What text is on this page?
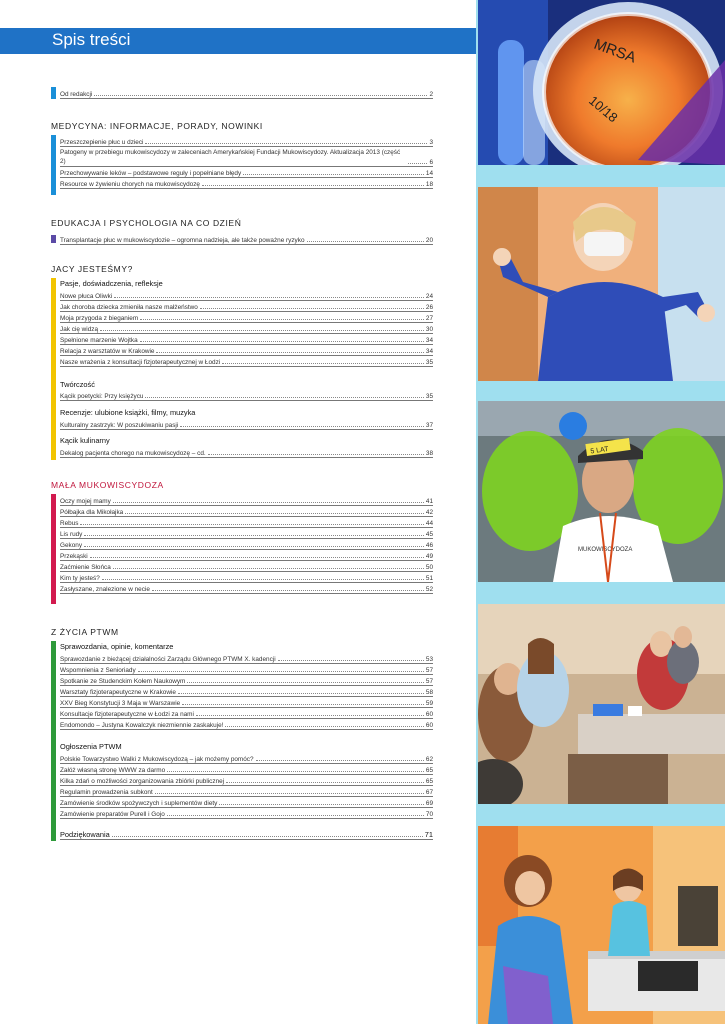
Spis treści
Od redakcji	2
MEDYCYNA: INFORMACJE, PORADY, NOWINKI
Przeszczepienie płuc u dzieci	3
Patogeny w przebiegu mukowiscydozy w zaleceniach Amerykańskiej Fundacji Mukowiscydozy. Aktualizacja 2013 (część 2)	6
Przechowywanie leków – podstawowe reguły i popełniane błędy	14
Resource w żywieniu chorych na mukowiscydozę	18
EDUKACJA I PSYCHOLOGIA NA CO DZIEŃ
Transplantacje płuc w mukowiscydozie – ogromna nadzieja, ale także poważne ryzyko	20
JACY JESTEŚMY?
Pasje, doświadczenia, refleksje
Nowe płuca Oliwki	24
Jak choroba dziecka zmieniła nasze małżeństwo	26
Moja przygoda z bieganiem	27
Jak cię widzą	30
Spełnione marzenie Wojtka	34
Relacja z warsztatów w Krakowie	34
Nasze wrażenia z konsultacji fizjoterapeutycznej w Łodzi	35
Twórczość
Kącik poetycki: Przy księżycu	35
Recenzje: ulubione książki, filmy, muzyka
Kulturalny zastrzyk: W poszukiwaniu pasji	37
Kącik kulinarny
Dekalog pacjenta chorego na mukowiscydozę – cd.	38
MAŁA MUKOWISCYDOZA
Oczy mojej mamy	41
Półbajka dla Mikołajka	42
Rebus	44
Lis rudy	45
Gekony	46
Przekąski	49
Zaćmienie Słońca	50
Kim ty jesteś?	51
Zasłyszane, znalezione w necie	52
Z ŻYCIA PTWM
Sprawozdania, opinie, komentarze
Sprawozdanie z bieżącej działalności Zarządu Głównego PTWM X. kadencji	53
Wspomnienia z Senioriady	57
Spotkanie ze Studenckim Kołem Naukowym	57
Warsztaty fizjoterapeutyczne w Krakowie	58
XXV Bieg Konstytucji 3 Maja w Warszawie	59
Konsultacje fizjoterapeutyczne w Łodzi za nami	60
Endomondo – Justyna Kowalczyk niezmiennie zaskakuje!	60
Ogłoszenia PTWM
Polskie Towarzystwo Walki z Mukowiscydozą – jak możemy pomóc?	62
Załóż własną stronę WWW za darmo	65
Kilka zdań o możliwości zorganizowania zbiórki publicznej	65
Regulamin prowadzenia subkont	67
Zamówienie środków spożywczych i suplementów diety	69
Zamówienie preparatów Purell i Gojo	70
Podziękowania	71
MRSA
10/18
5 LAT
MUKOWISCYDOZA
